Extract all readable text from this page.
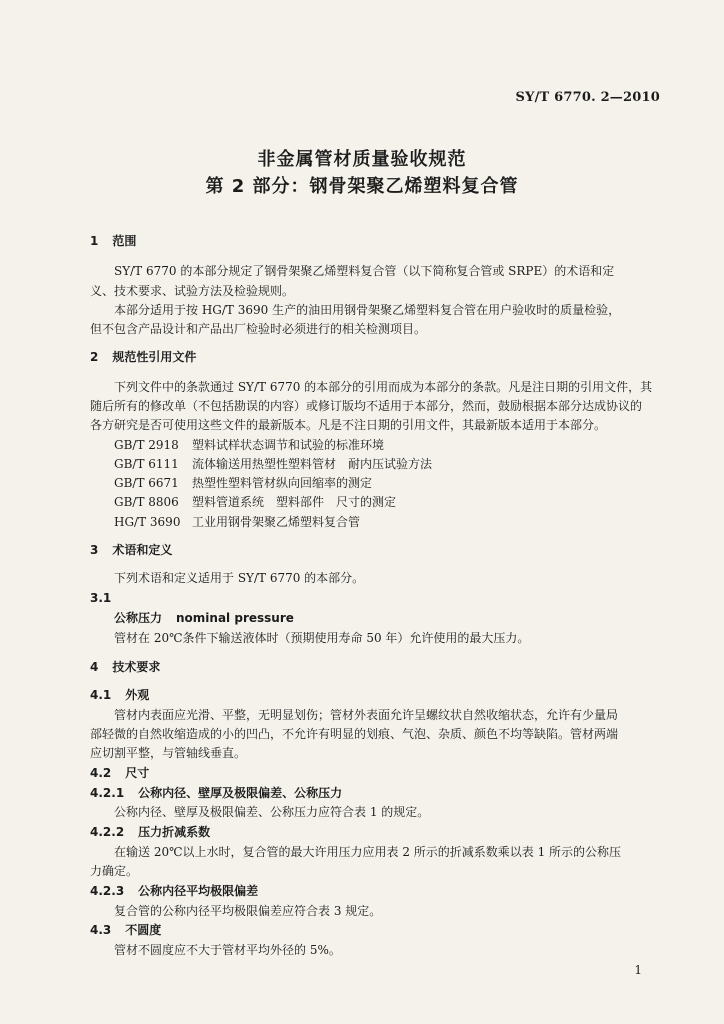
SY/T 6770. 2—2010
非金属管材质量验收规范
第 2 部分：钢骨架聚乙烯塑料复合管
1 范围
SY/T 6770 的本部分规定了钢骨架聚乙烯塑料复合管（以下简称复合管或 SRPE）的术语和定
义、技术要求、试验方法及检验规则。
本部分适用于按 HG/T 3690 生产的油田用钢骨架聚乙烯塑料复合管在用户验收时的质量检验，
但不包含产品设计和产品出厂检验时必须进行的相关检测项目。
2 规范性引用文件
下列文件中的条款通过 SY/T 6770 的本部分的引用而成为本部分的条款。凡是注日期的引用文件，其
随后所有的修改单（不包括勘误的内容）或修订版均不适用于本部分，然而，鼓励根据本部分达成协议的
各方研究是否可使用这些文件的最新版本。凡是不注日期的引用文件，其最新版本适用于本部分。
GB/T 2918 塑料试样状态调节和试验的标准环境
GB/T 6111 流体输送用热塑性塑料管材　耐内压试验方法
GB/T 6671 热塑性塑料管材纵向回缩率的测定
GB/T 8806 塑料管道系统　塑料部件　尺寸的测定
HG/T 3690 工业用钢骨架聚乙烯塑料复合管
3 术语和定义
下列术语和定义适用于 SY/T 6770 的本部分。
3.1
公称压力 nominal pressure
管材在 20℃条件下输送液体时（预期使用寿命 50 年）允许使用的最大压力。
4 技术要求
4.1 外观
管材内表面应光滑、平整，无明显划伤；管材外表面允许呈螺纹状自然收缩状态，允许有少量局
部轻微的自然收缩造成的小的凹凸，不允许有明显的划痕、气泡、杂质、颜色不均等缺陷。管材两端
应切割平整，与管轴线垂直。
4.2 尺寸
4.2.1 公称内径、壁厚及极限偏差、公称压力
公称内径、壁厚及极限偏差、公称压力应符合表 1 的规定。
4.2.2 压力折减系数
在输送 20℃以上水时，复合管的最大许用压力应用表 2 所示的折减系数乘以表 1 所示的公称压
力确定。
4.2.3 公称内径平均极限偏差
复合管的公称内径平均极限偏差应符合表 3 规定。
4.3 不圆度
管材不圆度应不大于管材平均外径的 5%。
1
